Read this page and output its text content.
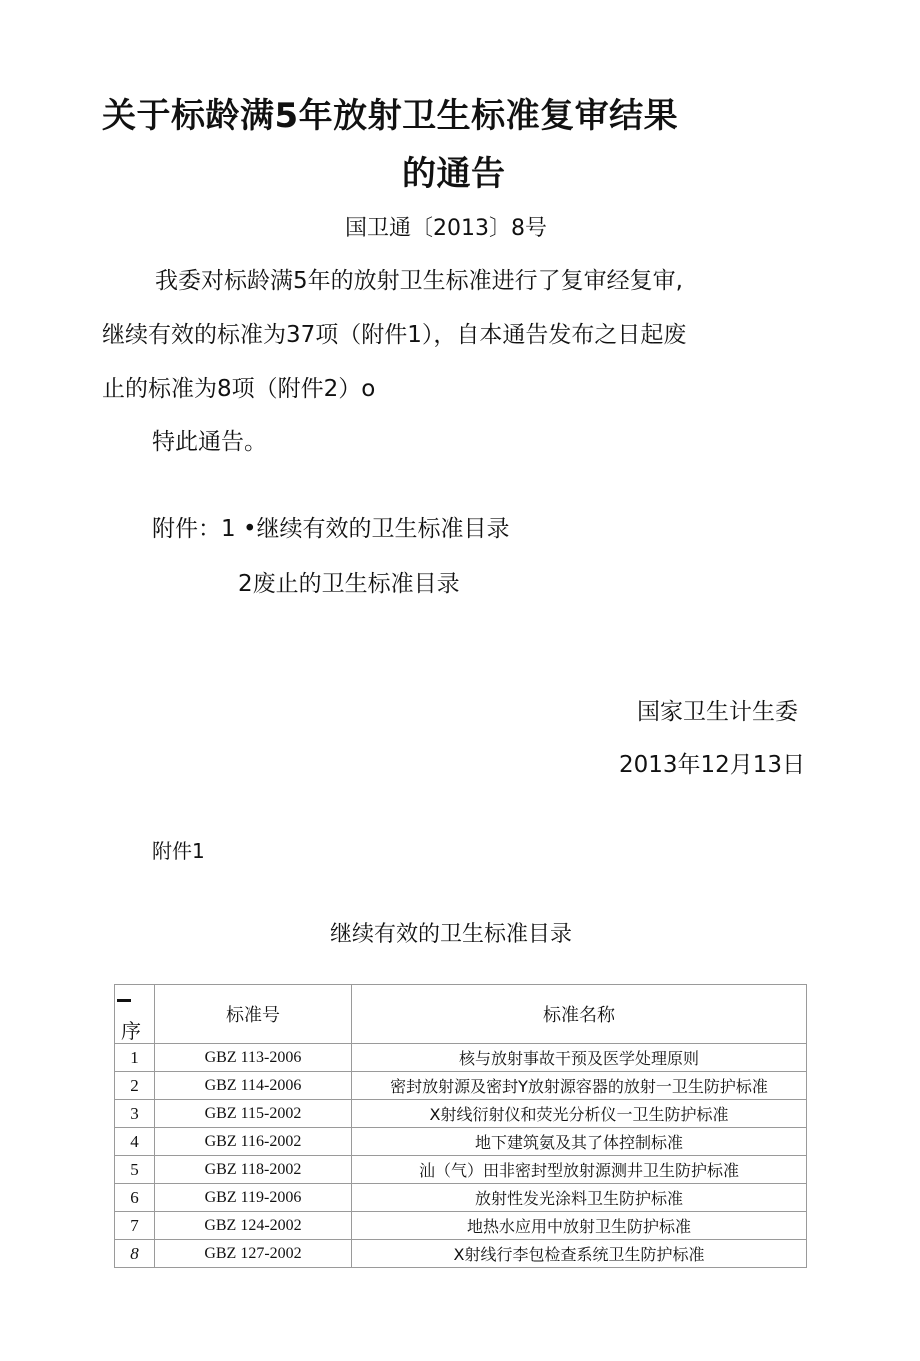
关于标龄满5年放射卫生标准复审结果
的通告
国卫通〔2013〕8号
我委对标龄满5年的放射卫生标准进行了复审经复审,
继续有效的标准为37项（附件1），自本通告发布之日起废
止的标准为8项（附件2）o
特此通告。
附件：1 •继续有效的卫生标准目录
2废止的卫生标准目录
国家卫生计生委
2013年12月13日
附件1
继续有效的卫生标准目录
序	标准号	标准名称
1	GBZ 113-2006	核与放射事故干预及医学处理原则
2	GBZ 114-2006	密封放射源及密封Y放射源容器的放射一卫生防护标准
3	GBZ 115-2002	X射线衍射仪和荧光分析仪一卫生防护标准
4	GBZ 116-2002	地下建筑氨及其了体控制标准
5	GBZ 118-2002	汕（气）田非密封型放射源测井卫生防护标准
6	GBZ 119-2006	放射性发光涂料卫生防护标准
7	GBZ 124-2002	地热水应用中放射卫生防护标准
8	GBZ 127-2002	X射线行李包检查系统卫生防护标准
